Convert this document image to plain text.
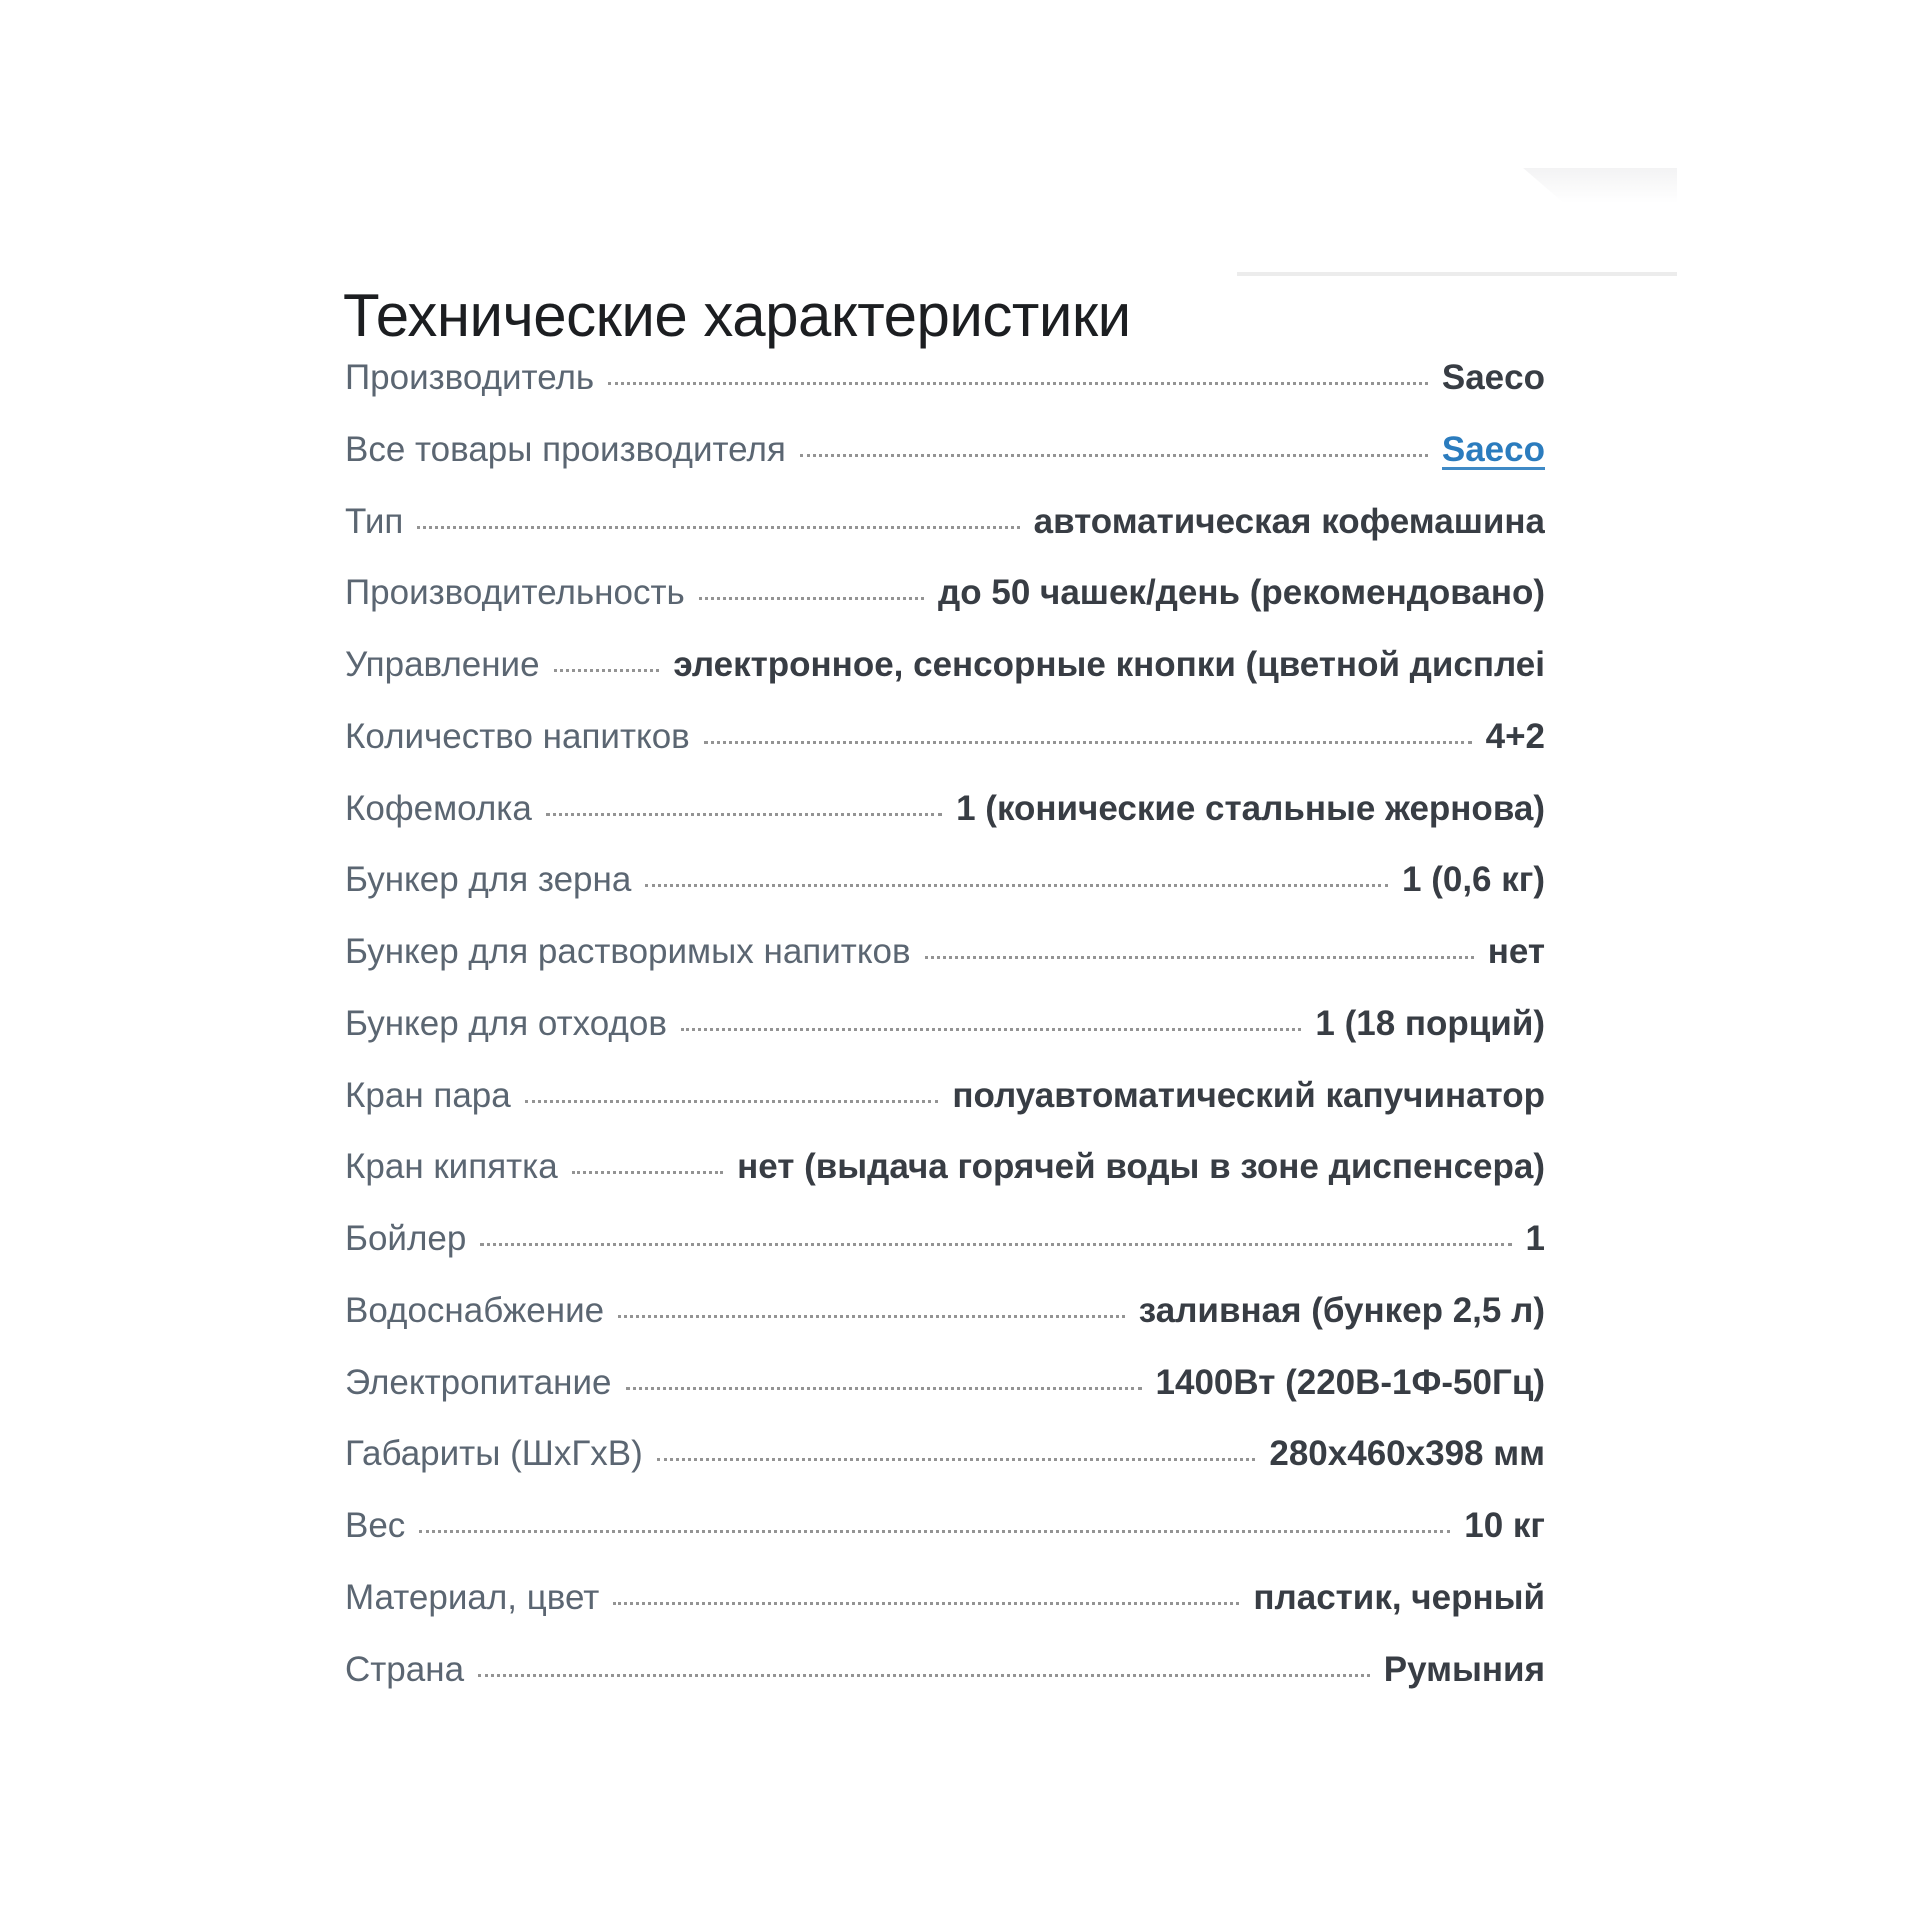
Технические характеристики
Производитель	Saeco
Все товары производителя	Saeco
Тип	автоматическая кофемашина
Производительность	до 50 чашек/день (рекомендовано)
Управление	электронное, сенсорные кнопки (цветной дисплеі
Количество напитков	4+2
Кофемолка	1 (конические стальные жернова)
Бункер для зерна	1 (0,6 кг)
Бункер для растворимых напитков	нет
Бункер для отходов	1 (18 порций)
Кран пара	полуавтоматический капучинатор
Кран кипятка	нет (выдача горячей воды в зоне диспенсера)
Бойлер	1
Водоснабжение	заливная (бункер 2,5 л)
Электропитание	1400Вт (220В-1Ф-50Гц)
Габариты (ШхГхВ)	280х460х398 мм
Вес	10 кг
Материал, цвет	пластик, черный
Страна	Румыния
